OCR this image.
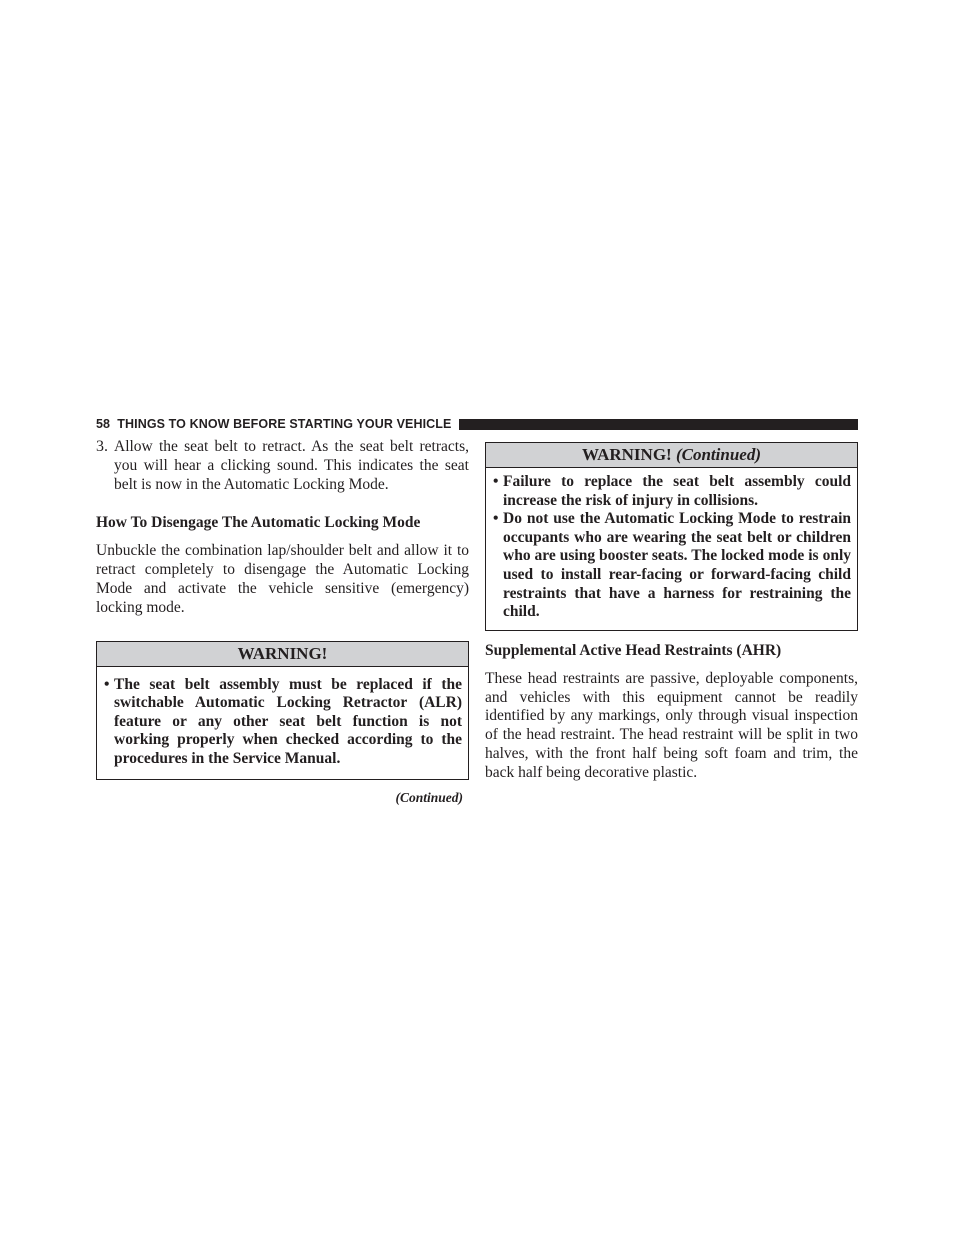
58 THINGS TO KNOW BEFORE STARTING YOUR VEHICLE
3. Allow the seat belt to retract. As the seat belt retracts, you will hear a clicking sound. This indicates the seat belt is now in the Automatic Locking Mode.

How To Disengage The Automatic Locking Mode

Unbuckle the combination lap/shoulder belt and allow it to retract completely to disengage the Automatic Locking Mode and activate the vehicle sensitive (emergency) locking mode.

WARNING!
• The seat belt assembly must be replaced if the switchable Automatic Locking Retractor (ALR) feature or any other seat belt function is not working properly when checked according to the procedures in the Service Manual.
(Continued)
WARNING! (Continued)
• Failure to replace the seat belt assembly could increase the risk of injury in collisions.
• Do not use the Automatic Locking Mode to restrain occupants who are wearing the seat belt or children who are using booster seats. The locked mode is only used to install rear-facing or forward-facing child restraints that have a harness for restraining the child.

Supplemental Active Head Restraints (AHR)

These head restraints are passive, deployable components, and vehicles with this equipment cannot be readily identified by any markings, only through visual inspection of the head restraint. The head restraint will be split in two halves, with the front half being soft foam and trim, the back half being decorative plastic.
